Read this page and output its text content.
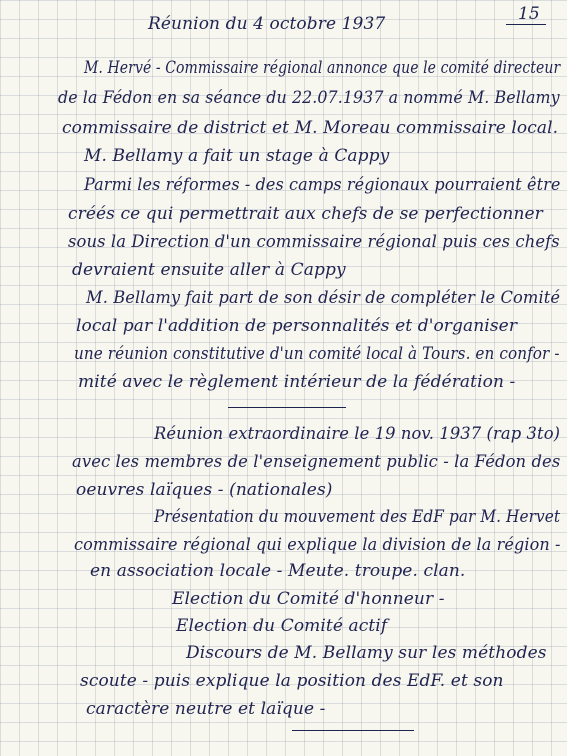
Réunion du 4 octobre 1937	15
M. Hervé - Commissaire régional annonce que le comité directeur
de la Fédon en sa séance du 22.07.1937 a nommé M. Bellamy
commissaire de district et M. Moreau commissaire local.
M. Bellamy a fait un stage à Cappy
Parmi les réformes - des camps régionaux pourraient être
créés ce qui permettrait aux chefs de se perfectionner
sous la Direction d'un commissaire régional puis ces chefs
devraient ensuite aller à Cappy
M. Bellamy fait part de son désir de compléter le Comité
local par l'addition de personnalités et d'organiser
une réunion constitutive d'un comité local à Tours. en confor -
mité avec le règlement intérieur de la fédération -
Réunion extraordinaire le 19 nov. 1937 (rap 3to)
avec les membres de l'enseignement public - la Fédon des
oeuvres laïques - (nationales)
Présentation du mouvement des EdF par M. Hervet
commissaire régional qui explique la division de la région -
en association locale - Meute. troupe. clan.
Election du Comité d'honneur -
Election du Comité actif
Discours de M. Bellamy sur les méthodes
scoute - puis explique la position des EdF. et son
caractère neutre et laïque -
